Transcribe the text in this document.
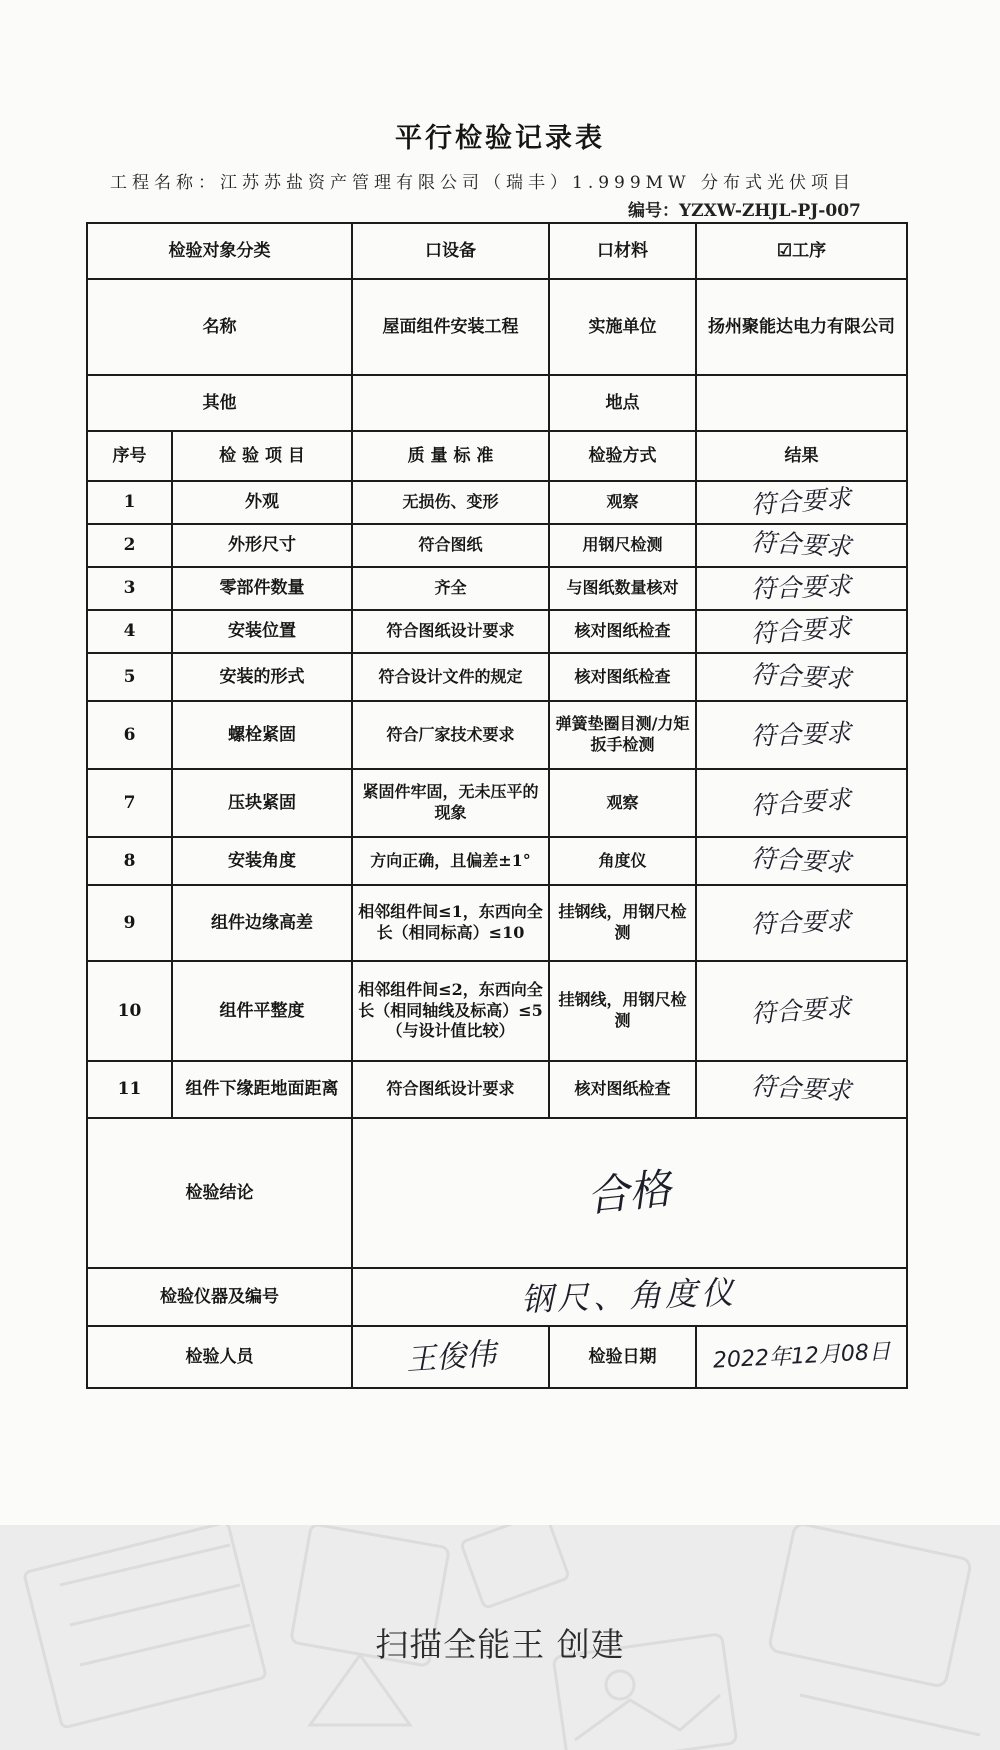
平行检验记录表
工程名称：江苏苏盐资产管理有限公司（瑞丰）1.999MW 分布式光伏项目
编号：YZXW-ZHJL-PJ-007
检验对象分类		口设备	口材料	☑工序
名称		屋面组件安装工程	实施单位	扬州聚能达电力有限公司
其他			地点	
序号	检 验 项 目	质 量 标 准	检验方式	结果
1	外观	无损伤、变形	观察	符合要求
2	外形尺寸	符合图纸	用钢尺检测	符合要求
3	零部件数量	齐全	与图纸数量核对	符合要求
4	安装位置	符合图纸设计要求	核对图纸检查	符合要求
5	安装的形式	符合设计文件的规定	核对图纸检查	符合要求
6	螺栓紧固	符合厂家技术要求	弹簧垫圈目测/力矩扳手检测	符合要求
7	压块紧固	紧固件牢固，无未压平的现象	观察	符合要求
8	安装角度	方向正确，且偏差±1°	角度仪	符合要求
9	组件边缘高差	相邻组件间≤1，东西向全长（相同标高）≤10	挂钢线，用钢尺检测	符合要求
10	组件平整度	相邻组件间≤2，东西向全长（相同轴线及标高）≤5（与设计值比较）	挂钢线，用钢尺检测	符合要求
11	组件下缘距地面距离	符合图纸设计要求	核对图纸检查	符合要求
检验结论		合格		
检验仪器及编号		钢尺、角度仪		
检验人员		王俊伟	检验日期	2022年12月08日
扫描全能王 创建
